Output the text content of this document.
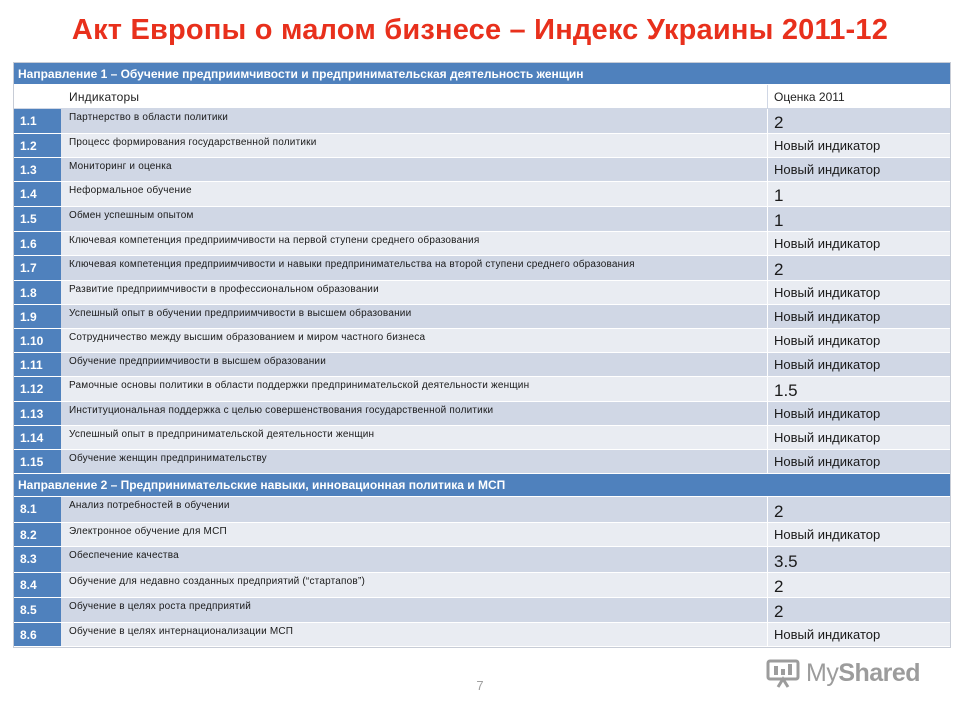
Акт Европы о малом бизнесе – Индекс Украины 2011-12
Направление 1 – Обучение предприимчивости и предпринимательская деятельность женщин
Индикаторы	Оценка 2011
1.1	Партнерство в области политики	2
1.2	Процесс формирования государственной политики	Новый индикатор
1.3	Мониторинг и оценка	Новый индикатор
1.4	Неформальное обучение	1
1.5	Обмен успешным опытом	1
1.6	Ключевая компетенция предприимчивости на первой ступени среднего образования	Новый индикатор
1.7	Ключевая компетенция предприимчивости и навыки предпринимательства на второй ступени среднего образования	2
1.8	Развитие предприимчивости в профессиональном образовании	Новый индикатор
1.9	Успешный опыт в обучении предприимчивости в высшем образовании	Новый индикатор
1.10	Сотрудничество между высшим образованием и миром частного бизнеса	Новый индикатор
1.11	Обучение предприимчивости в высшем образовании	Новый индикатор
1.12	Рамочные основы политики в области поддержки предпринимательской деятельности женщин	1.5
1.13	Институциональная поддержка с целью совершенствования государственной политики	Новый индикатор
1.14	Успешный опыт в предпринимательской деятельности женщин	Новый индикатор
1.15	Обучение женщин предпринимательству	Новый индикатор
Направление 2 – Предпринимательские навыки, инновационная политика и МСП
8.1	Анализ потребностей в обучении	2
8.2	Электронное обучение для МСП	Новый индикатор
8.3	Обеспечение качества	3.5
8.4	Обучение для недавно созданных предприятий (“стартапов”)	2
8.5	Обучение в целях роста предприятий	2
8.6	Обучение в целях интернационализации МСП	Новый индикатор
7	MyShared
